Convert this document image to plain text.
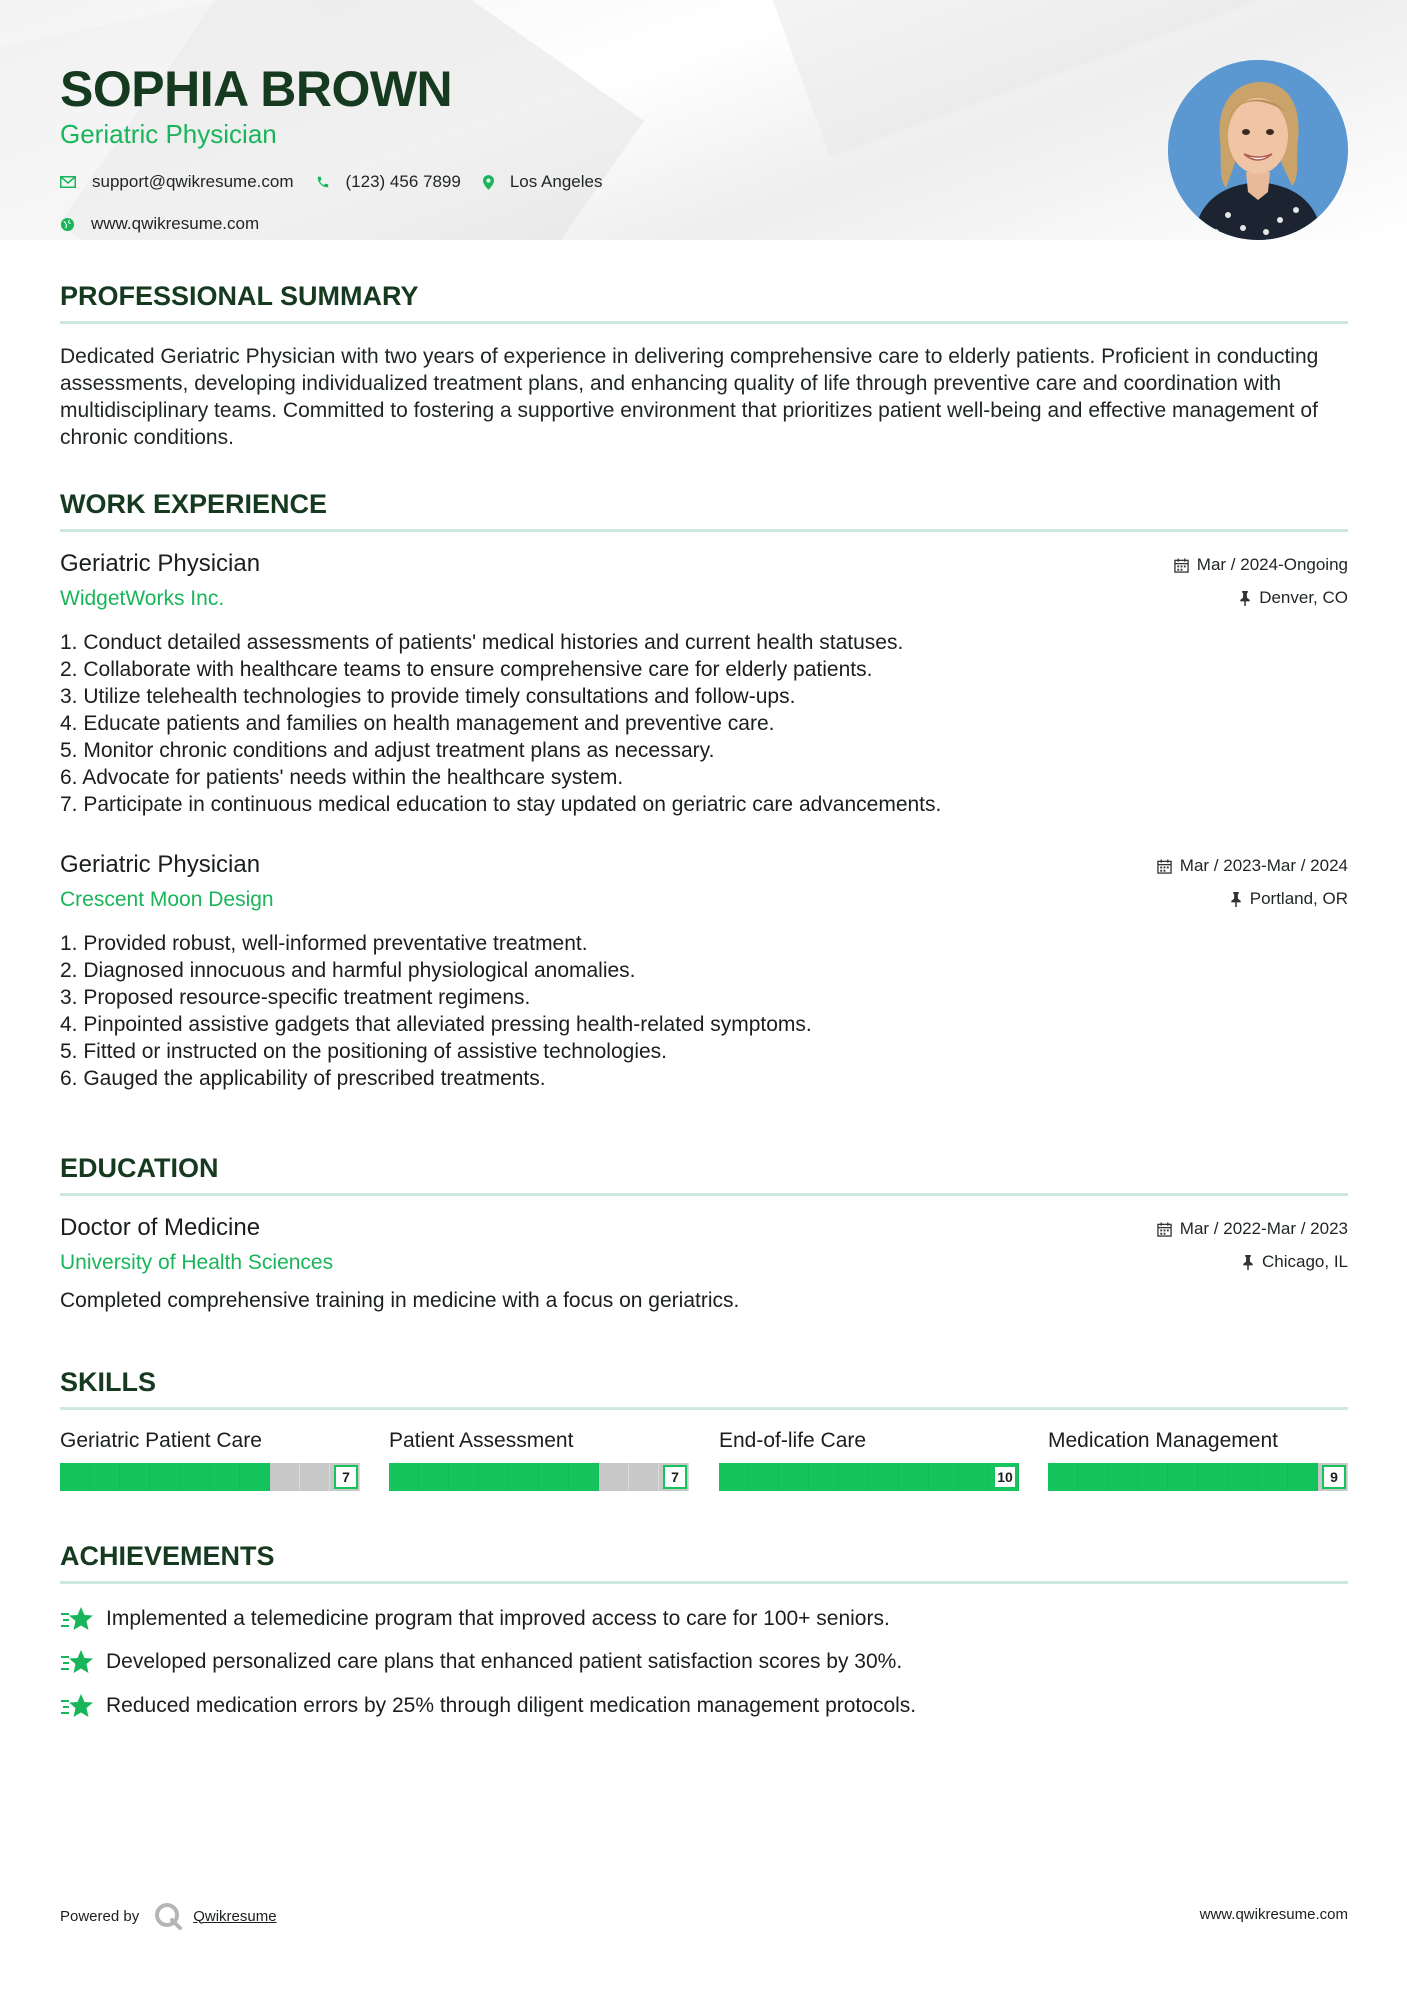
SOPHIA BROWN
Geriatric Physician
support@qwikresume.com	(123) 456 7899	Los Angeles
www.qwikresume.com
PROFESSIONAL SUMMARY
Dedicated Geriatric Physician with two years of experience in delivering comprehensive care to elderly patients. Proficient in conducting assessments, developing individualized treatment plans, and enhancing quality of life through preventive care and coordination with multidisciplinary teams. Committed to fostering a supportive environment that prioritizes patient well-being and effective management of chronic conditions.
WORK EXPERIENCE
Geriatric Physician
WidgetWorks Inc.
Mar / 2024-Ongoing
Denver, CO
1. Conduct detailed assessments of patients' medical histories and current health statuses.
2. Collaborate with healthcare teams to ensure comprehensive care for elderly patients.
3. Utilize telehealth technologies to provide timely consultations and follow-ups.
4. Educate patients and families on health management and preventive care.
5. Monitor chronic conditions and adjust treatment plans as necessary.
6. Advocate for patients' needs within the healthcare system.
7. Participate in continuous medical education to stay updated on geriatric care advancements.
Geriatric Physician
Crescent Moon Design
Mar / 2023-Mar / 2024
Portland, OR
1. Provided robust, well-informed preventative treatment.
2. Diagnosed innocuous and harmful physiological anomalies.
3. Proposed resource-specific treatment regimens.
4. Pinpointed assistive gadgets that alleviated pressing health-related symptoms.
5. Fitted or instructed on the positioning of assistive technologies.
6. Gauged the applicability of prescribed treatments.
EDUCATION
Doctor of Medicine
University of Health Sciences
Mar / 2022-Mar / 2023
Chicago, IL
Completed comprehensive training in medicine with a focus on geriatrics.
SKILLS
Geriatric Patient Care
7
Patient Assessment
7
End-of-life Care
10
Medication Management
9
ACHIEVEMENTS
Implemented a telemedicine program that improved access to care for 100+ seniors.
Developed personalized care plans that enhanced patient satisfaction scores by 30%.
Reduced medication errors by 25% through diligent medication management protocols.
Powered by	Qwikresume	www.qwikresume.com
